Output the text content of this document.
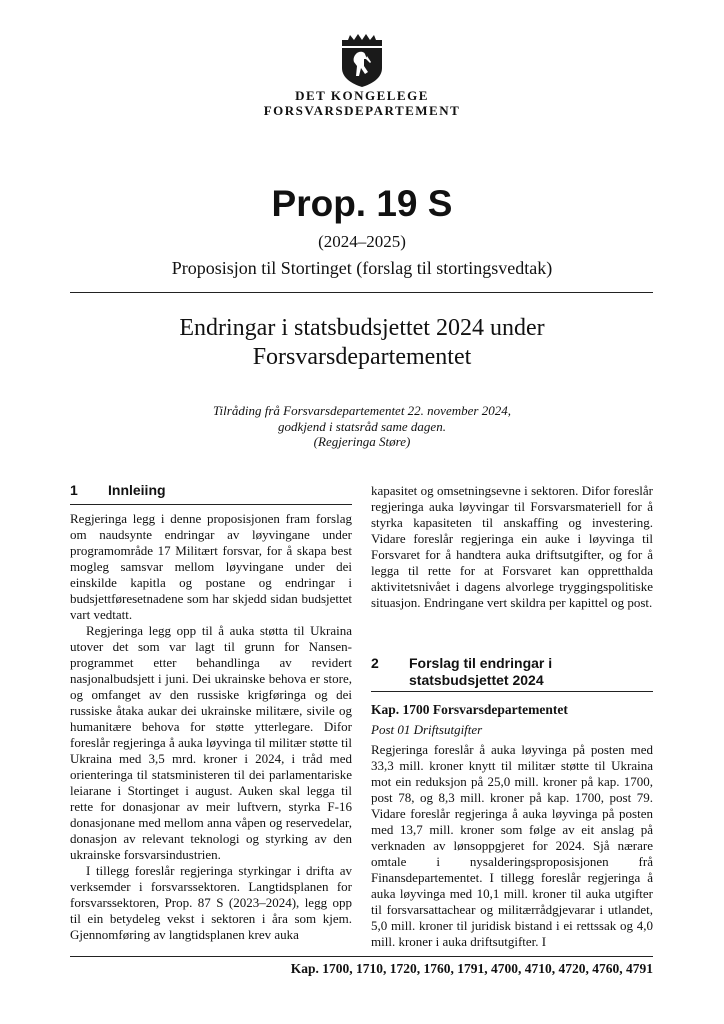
DET KONGELEGE
FORSVARSDEPARTEMENT
Prop. 19 S
(2024–2025)
Proposisjon til Stortinget (forslag til stortingsvedtak)
Endringar i statsbudsjettet 2024 under
Forsvarsdepartementet
Tilråding frå Forsvarsdepartementet 22. november 2024,
godkjend i statsråd same dagen.
(Regjeringa Støre)
1 Innleiing

Regjeringa legg i denne proposisjonen fram forslag om naudsynte endringar av løyvingane under programområde 17 Militært forsvar, for å skapa best mogleg samsvar mellom løyvingane under dei einskilde kapitla og postane og endringar i budsjettføresetnadene som har skjedd sidan budsjettet vart vedtatt.

Regjeringa legg opp til å auka støtta til Ukraina utover det som var lagt til grunn for Nansen-programmet etter behandlinga av revidert nasjonalbudsjett i juni. Dei ukrainske behova er store, og omfanget av den russiske krigføringa og dei russiske åtaka aukar dei ukrainske militære, sivile og humanitære behova for støtte ytterlegare. Difor foreslår regjeringa å auka løyvinga til militær støtte til Ukraina med 3,5 mrd. kroner i 2024, i tråd med orienteringa til statsministeren til dei parlamentariske leiarane i Stortinget i august. Auken skal legga til rette for donasjonar av meir luftvern, styrka F-16 donasjonane med mellom anna våpen og reservedelar, donasjon av relevant teknologi og styrking av den ukrainske forsvarsindustrien.

I tillegg foreslår regjeringa styrkingar i drifta av verksemder i forsvarssektoren. Langtidsplanen for forsvarssektoren, Prop. 87 S (2023–2024), legg opp til ein betydeleg vekst i sektoren i åra som kjem. Gjennomføring av langtidsplanen krev auka

kapasitet og omsetningsevne i sektoren. Difor foreslår regjeringa auka løyvingar til Forsvarsmateriell for å styrka kapasiteten til anskaffing og investering. Vidare foreslår regjeringa ein auke i løyvinga til Forsvaret for å handtera auka driftsutgifter, og for å legga til rette for at Forsvaret kan oppretthalda aktivitetsnivået i dagens alvorlege tryggingspolitiske situasjon. Endringane vert skildra per kapittel og post.

2 Forslag til endringar i
statsbudsjettet 2024
Kap. 1700 Forsvarsdepartementet
Post 01 Driftsutgifter

Regjeringa foreslår å auka løyvinga på posten med 33,3 mill. kroner knytt til militær støtte til Ukraina mot ein reduksjon på 25,0 mill. kroner på kap. 1700, post 78, og 8,3 mill. kroner på kap. 1700, post 79. Vidare foreslår regjeringa å auka løyvinga på posten med 13,7 mill. kroner som følge av eit anslag på verknaden av lønsoppgjeret for 2024. Sjå nærare omtale i nysalderingsproposisjonen frå Finansdepartementet. I tillegg foreslår regjeringa å auka løyvinga med 10,1 mill. kroner til auka utgifter til forsvarsattachear og militærrådgjevarar i utlandet, 5,0 mill. kroner til juridisk bistand i ei rettssak og 4,0 mill. kroner i auka driftsutgifter. I

Kap. 1700, 1710, 1720, 1760, 1791, 4700, 4710, 4720, 4760, 4791
